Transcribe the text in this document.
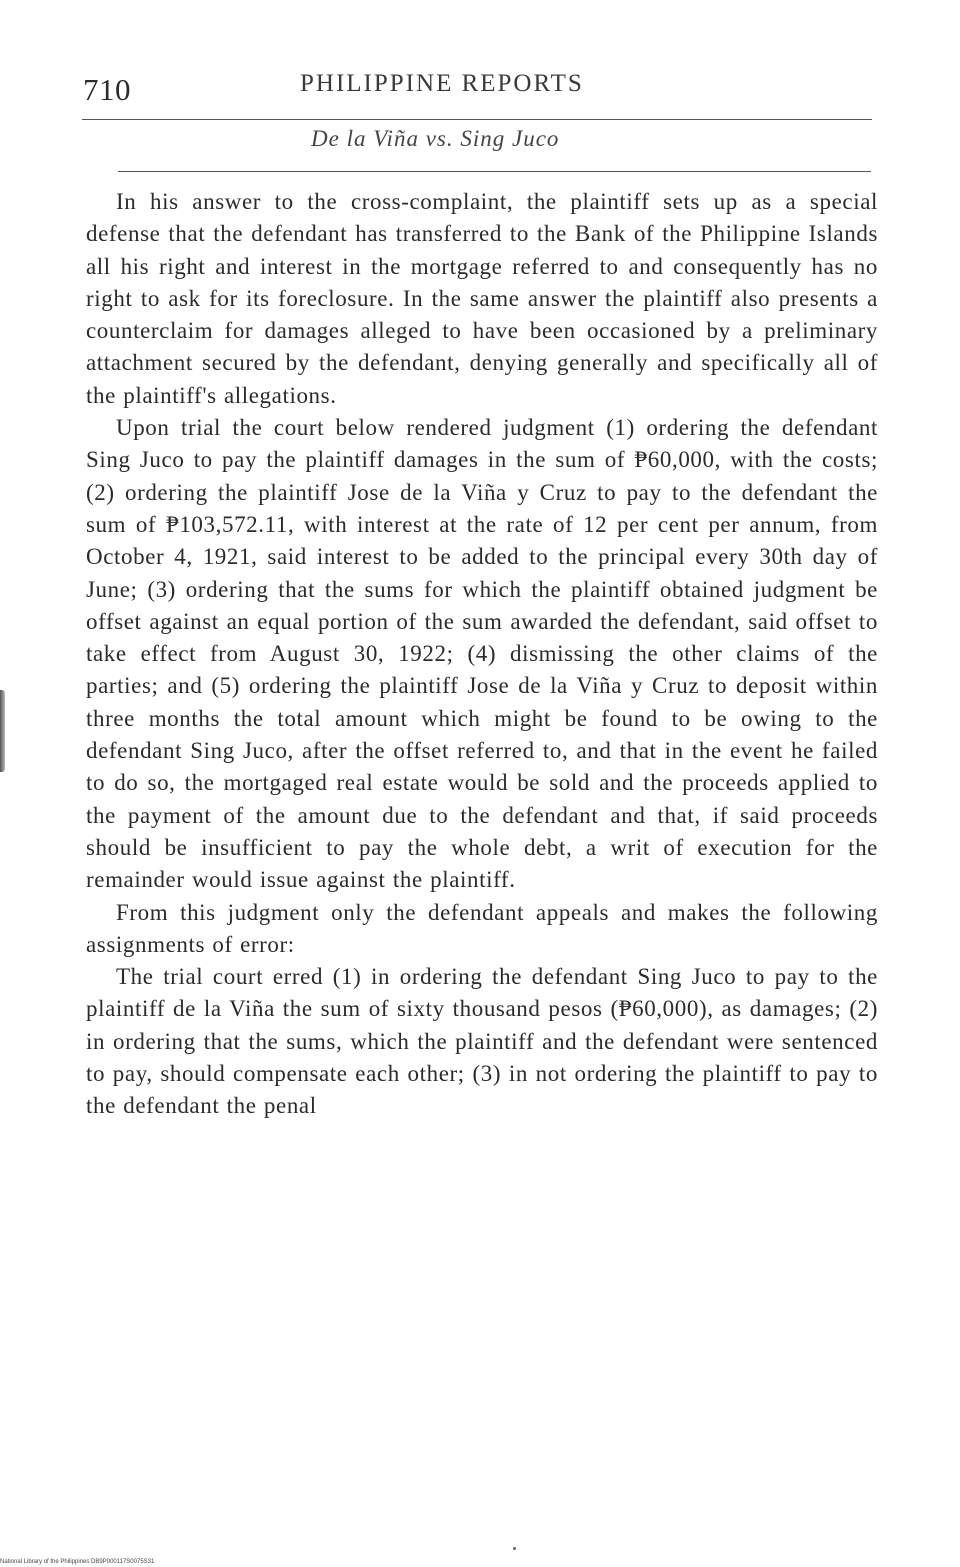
710	PHILIPPINE REPORTS
De la Viña vs. Sing Juco

In his answer to the cross-complaint, the plaintiff sets up as a special defense that the defendant has transferred to the Bank of the Philippine Islands all his right and interest in the mortgage referred to and consequently has no right to ask for its foreclosure. In the same answer the plaintiff also presents a counterclaim for damages alleged to have been occasioned by a preliminary attachment secured by the defendant, denying generally and specifically all of the plaintiff's allegations.

Upon trial the court below rendered judgment (1) ordering the defendant Sing Juco to pay the plaintiff damages in the sum of ₱60,000, with the costs; (2) ordering the plaintiff Jose de la Viña y Cruz to pay to the defendant the sum of ₱103,572.11, with interest at the rate of 12 per cent per annum, from October 4, 1921, said interest to be added to the principal every 30th day of June; (3) ordering that the sums for which the plaintiff obtained judgment be offset against an equal portion of the sum awarded the defendant, said offset to take effect from August 30, 1922; (4) dismissing the other claims of the parties; and (5) ordering the plaintiff Jose de la Viña y Cruz to deposit within three months the total amount which might be found to be owing to the defendant Sing Juco, after the offset referred to, and that in the event he failed to do so, the mortgaged real estate would be sold and the proceeds applied to the payment of the amount due to the defendant and that, if said proceeds should be insufficient to pay the whole debt, a writ of execution for the remainder would issue against the plaintiff.

From this judgment only the defendant appeals and makes the following assignments of error:

The trial court erred (1) in ordering the defendant Sing Juco to pay to the plaintiff de la Viña the sum of sixty thousand pesos (₱60,000), as damages; (2) in ordering that the sums, which the plaintiff and the defendant were sentenced to pay, should compensate each other; (3) in not ordering the plaintiff to pay to the defendant the penal

National Library of the Philippines DB9P000117S0075S31
